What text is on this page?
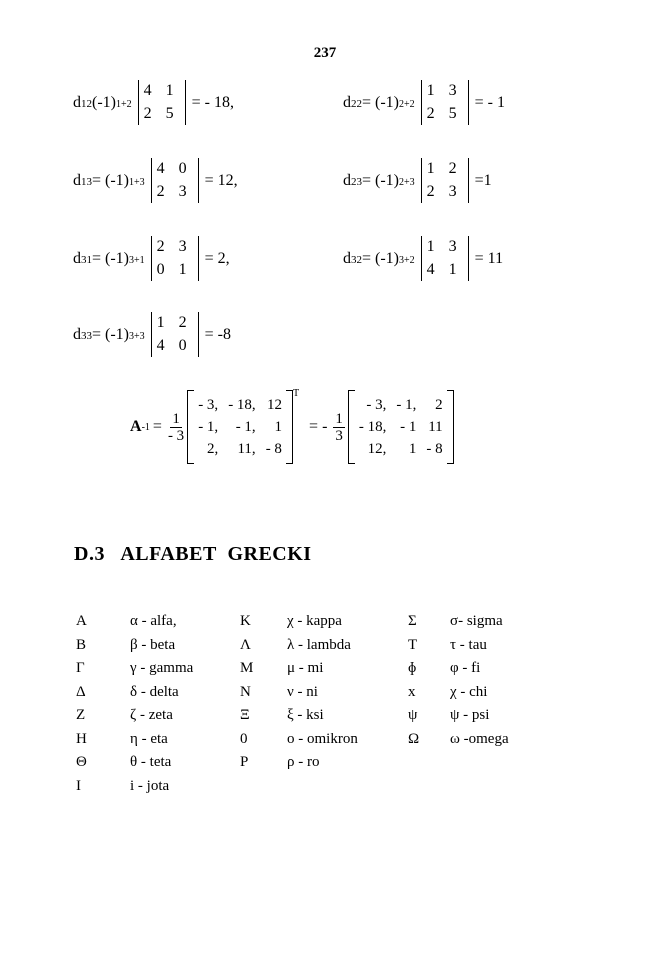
237
d 12 (-1) 1+2
4 1
2 5
= - 18,	d 22 = (-1) 2+2
1 3
2 5
= - 1
d 13 = (-1) 1+3
4 0
2 3
= 12,	d 23 = (-1) 2+3
1 2
2 3
=1
d 31 = (-1) 3+1
2 3
0 1
= 2,	d 32 = (-1) 3+2
1 3
4 1
= 11
d 33 = (-1) 3+3
1 2
4 0
= -8
A $-1 = \frac{1}{- 3}$
- 3,	- 18,	12
- 1,	- 1,	1
2,	11,	- 8
$^T$
= - $\frac{1}{3}$
- 3,	- 1,	2
- 18,	- 1	11
12,	1	- 8
D.3   ALFABET  GRECKI
Α	α - alfa,	Κ	χ - kappa	Σ	σ- sigma
Β	β - beta	Λ	λ - lambda	Τ	τ - tau
Γ	γ - gamma	Μ	μ - mi	ɸ	φ - fi
Δ	δ - delta	Ν	ν - ni	x	χ - chi
Ζ	ζ - zeta	Ξ	ξ - ksi	ψ	ψ - psi
Η	η - eta	0	ο - omikron	Ω	ω -omega
Θ	θ - teta	Ρ	ρ - ro		
Ι	i - jota				
